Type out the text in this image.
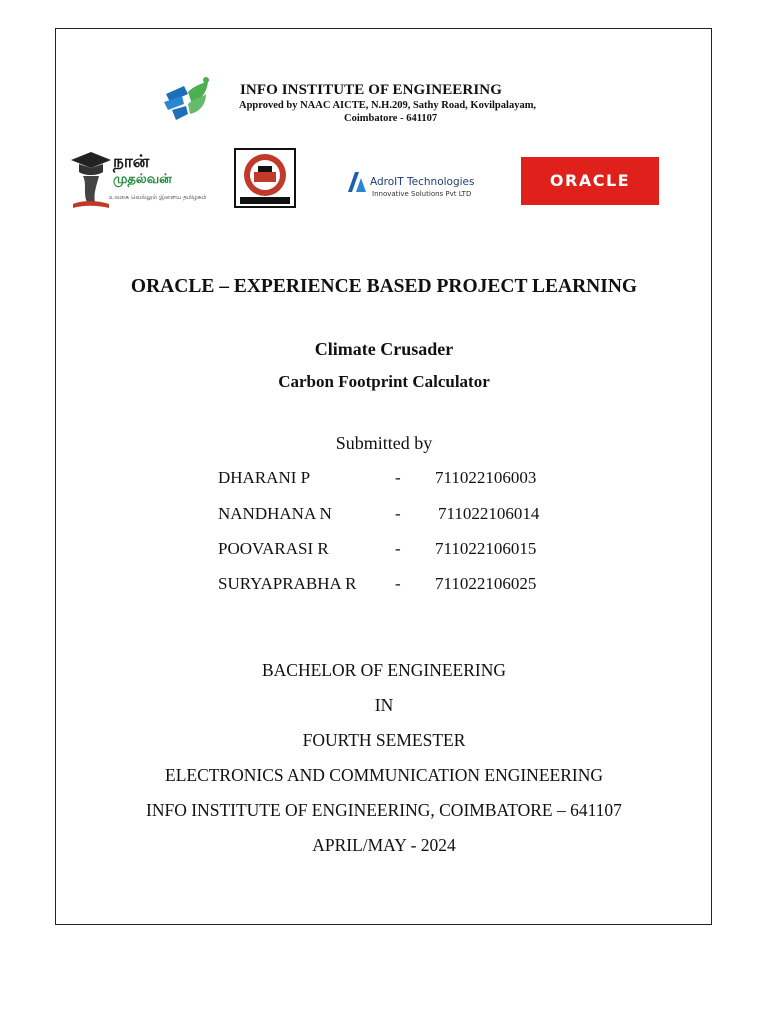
INFO INSTITUTE OF ENGINEERING
Approved by NAAC AICTE, N.H.209, Sathy Road, Kovilpalayam,
Coimbatore - 641107
நான்
முதல்வன்
உலகை வெல்லும் இளைய தமிழகம்
AdroIT Technologies
Innovative Solutions Pvt LTD
ORACLE
ORACLE – EXPERIENCE BASED PROJECT LEARNING
Climate Crusader
Carbon Footprint Calculator
Submitted by
DHARANI P	- 711022106003
NANDHANA N	- 711022106014
POOVARASI R	- 711022106015
SURYAPRABHA R - 711022106025
BACHELOR OF ENGINEERING
IN
FOURTH SEMESTER
ELECTRONICS AND COMMUNICATION ENGINEERING
INFO INSTITUTE OF ENGINEERING, COIMBATORE – 641107
APRIL/MAY - 2024
